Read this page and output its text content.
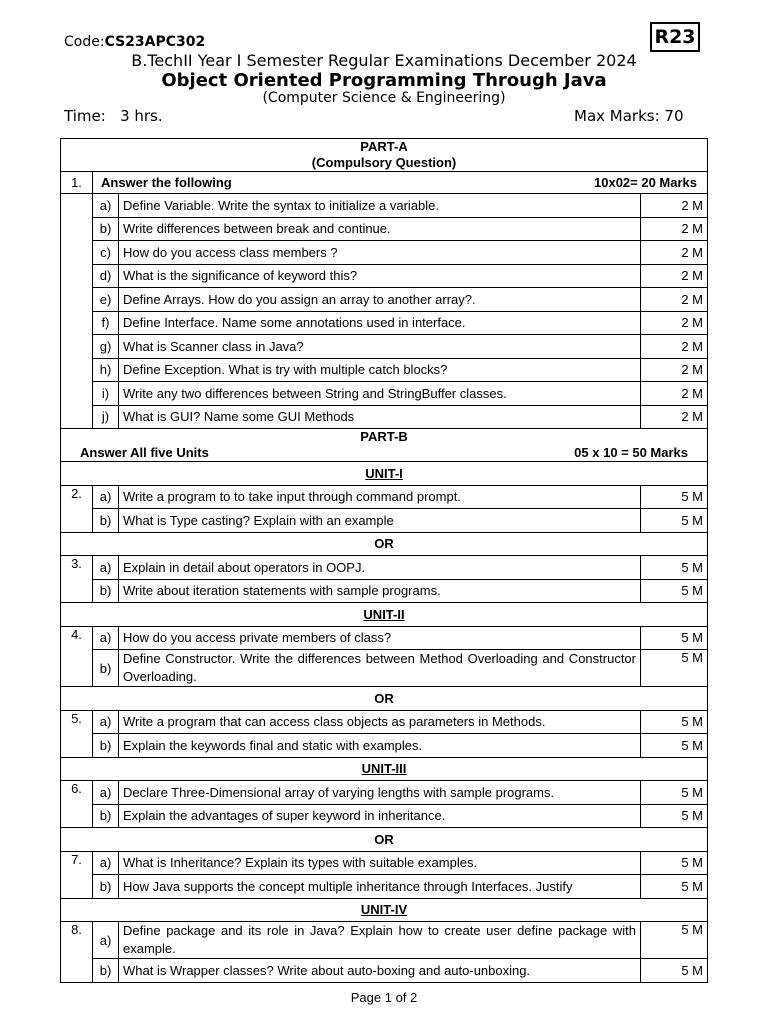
Code:CS23APC302	R23
B.TechII Year I Semester Regular Examinations December 2024
Object Oriented Programming Through Java
(Computer Science & Engineering)
Time:   3 hrs.	Max Marks: 70
PART-A
(Compulsory Question)			

1.	Answer the following 10x02= 20 Marks		

	a)	Define Variable. Write the syntax to initialize a variable.	2 M
	b)	Write differences between break and continue.	2 M
	c)	How do you access class members ?	2 M
	d)	What is the significance of keyword this?	2 M
	e)	Define Arrays. How do you assign an array to another array?.	2 M
	f)	Define Interface. Name some annotations used in interface.	2 M
	g)	What is Scanner class in Java?	2 M
	h)	Define Exception. What is try with multiple catch blocks?	2 M
	i)	Write any two differences between String and StringBuffer classes.	2 M
	j)	What is GUI? Name some GUI Methods	2 M

PART-B
Answer All five Units 05 x 10 = 50 Marks			

UNIT-I			
2.	a)	Write a program to to take input through command prompt.	5 M
	b)	What is Type casting? Explain with an example	5 M
OR			
3.	a)	Explain in detail about operators in OOPJ.	5 M
	b)	Write about iteration statements with sample programs.	5 M
UNIT-II			
4.	a)	How do you access private members of class?	5 M
	b)	Define Constructor. Write the differences between Method Overloading and Constructor Overloading.	5 M
OR			
5.	a)	Write a program that can access class objects as parameters in Methods.	5 M
	b)	Explain the keywords final and static with examples.	5 M
UNIT-III			
6.	a)	Declare Three-Dimensional array of varying lengths with sample programs.	5 M
	b)	Explain the advantages of super keyword in inheritance.	5 M
OR			
7.	a)	What is Inheritance? Explain its types with suitable examples.	5 M
	b)	How Java supports the concept multiple inheritance through Interfaces. Justify	5 M
UNIT-IV			
8.	a)	Define package and its role in Java? Explain how to create user define package with example.	5 M
	b)	What is Wrapper classes? Write about auto-boxing and auto-unboxing.	5 M
Page 1 of 2
